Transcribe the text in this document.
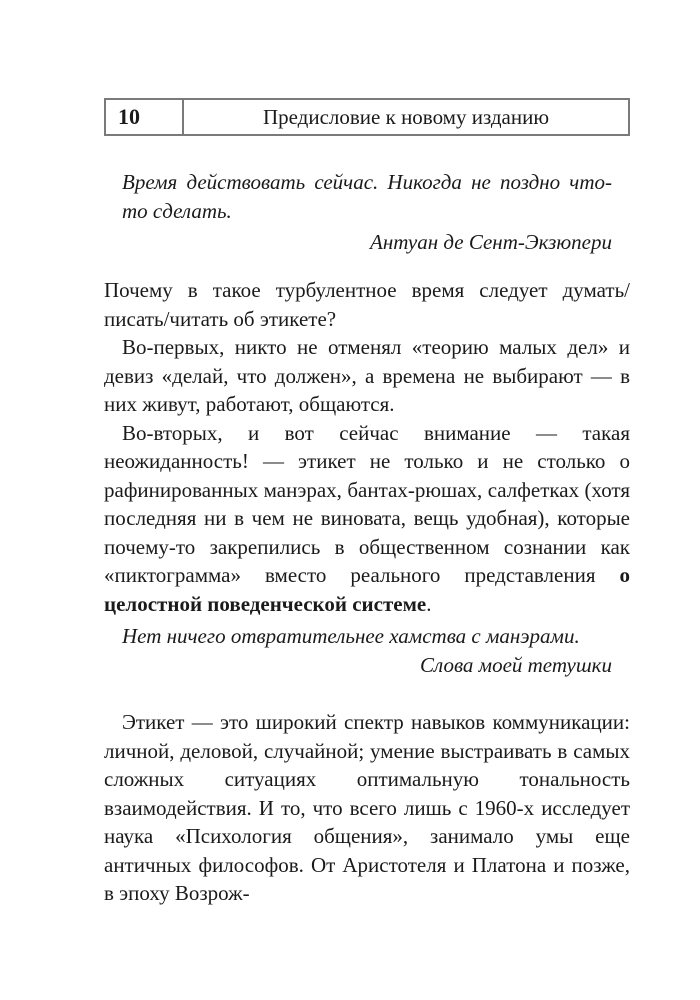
10	Предисловие к новому изданию
Время действовать сейчас. Никогда не поздно что-то сделать.
Антуан де Сент-Экзюпери

Почему в такое турбулентное время следует думать/писать/читать об этикете?

Во-первых, никто не отменял «теорию малых дел» и девиз «делай, что должен», а времена не выбирают — в них живут, работают, общаются.

Во-вторых, и вот сейчас внимание — такая неожиданность! — этикет не только и не столько о рафинированных манэрах, бантах-рюшах, салфетках (хотя последняя ни в чем не виновата, вещь удобная), которые почему-то закрепились в общественном сознании как «пиктограмма» вместо реального представления о целостной поведенческой системе.

Нет ничего отвратительнее хамства с манэрами.
Слова моей тетушки

Этикет — это широкий спектр навыков коммуникации: личной, деловой, случайной; умение выстраивать в самых сложных ситуациях оптимальную тональность взаимодействия. И то, что всего лишь с 1960-х исследует наука «Психология общения», занимало умы еще античных философов. От Аристотеля и Платона и позже, в эпоху Возрож-
